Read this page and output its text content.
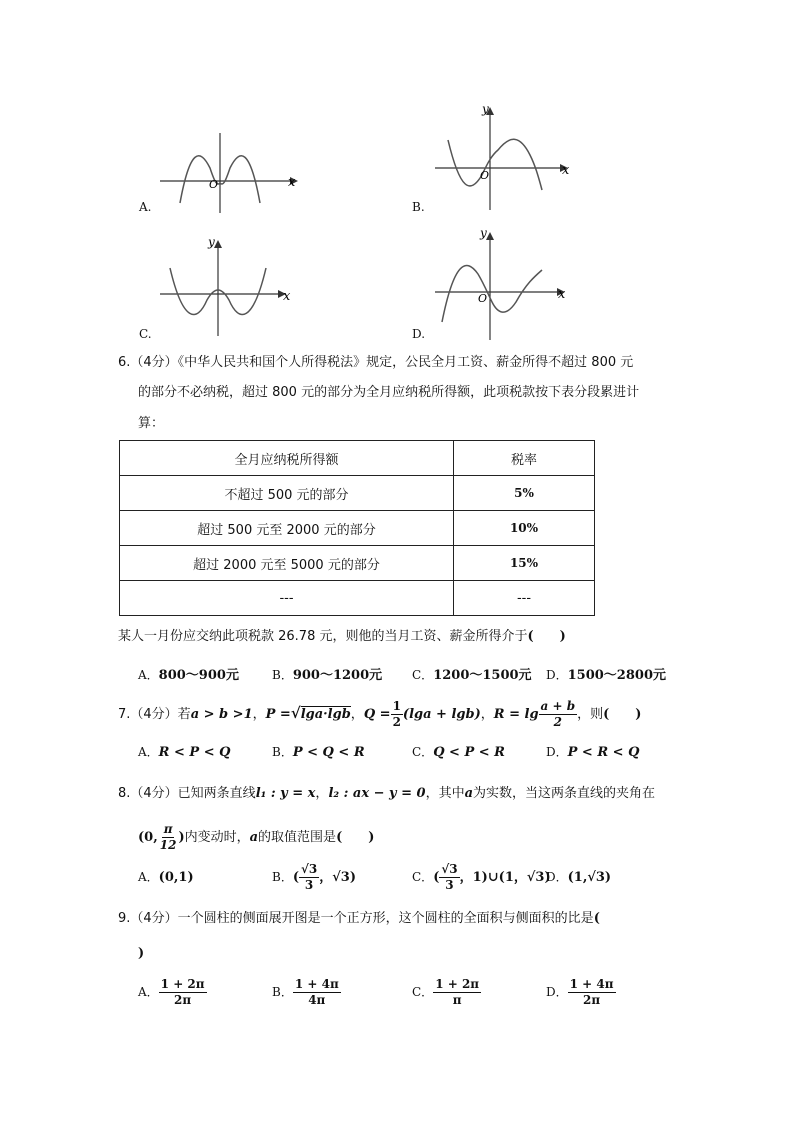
O	x
A.
O	x
y
B.
x
y
C.
O	x
y
D.
6.（4分）《中华人民共和国个人所得税法》规定，公民全月工资、薪金所得不超过 800 元
的部分不必纳税，超过 800 元的部分为全月应纳税所得额，此项税款按下表分段累进计
算：
全月应纳税所得额	税率
不超过 500 元的部分	5%
超过 500 元至 2000 元的部分	10%
超过 2000 元至 5000 元的部分	15%
---	---
某人一月份应交纳此项税款 26.78 元，则他的当月工资、薪金所得介于(　　)
A．800～900元	B．900～1200元 C．1200～1500元 D．1500～2800元
7.（4分）若a > b >1，P =√lga·lgb，$Q = \frac{1}{2} (\lg a + \lg b)$，$R = \lg \frac{a + b}{2}$ ，则(　　)
A．R < P < Q	B．P < Q < R	C．Q < P < R	D．P < R < Q
8.（4分）已知两条直线l₁ : y = x，l₂ : ax − y = 0，其中a为实数，当这两条直线的夹角在
(0, $\frac{\pi}{12}$ )内变动时，a的取值范围是(　　)
A．(0,1)	B．( $\frac{√3}{3}$ ，√3)	C．( $\frac{√3}{3}$ ，1)∪(1，√3)
D．(1,√3)
9.（4分）一个圆柱的侧面展开图是一个正方形，这个圆柱的全面积与侧面积的比是(
)
A． $\frac{1 + 2\pi}{2\pi}$	B． $\frac{1 + 4\pi}{4\pi}$	C． $\frac{1 + 2\pi}{\pi}$	D． $\frac{1 + 4\pi}{2\pi}$
